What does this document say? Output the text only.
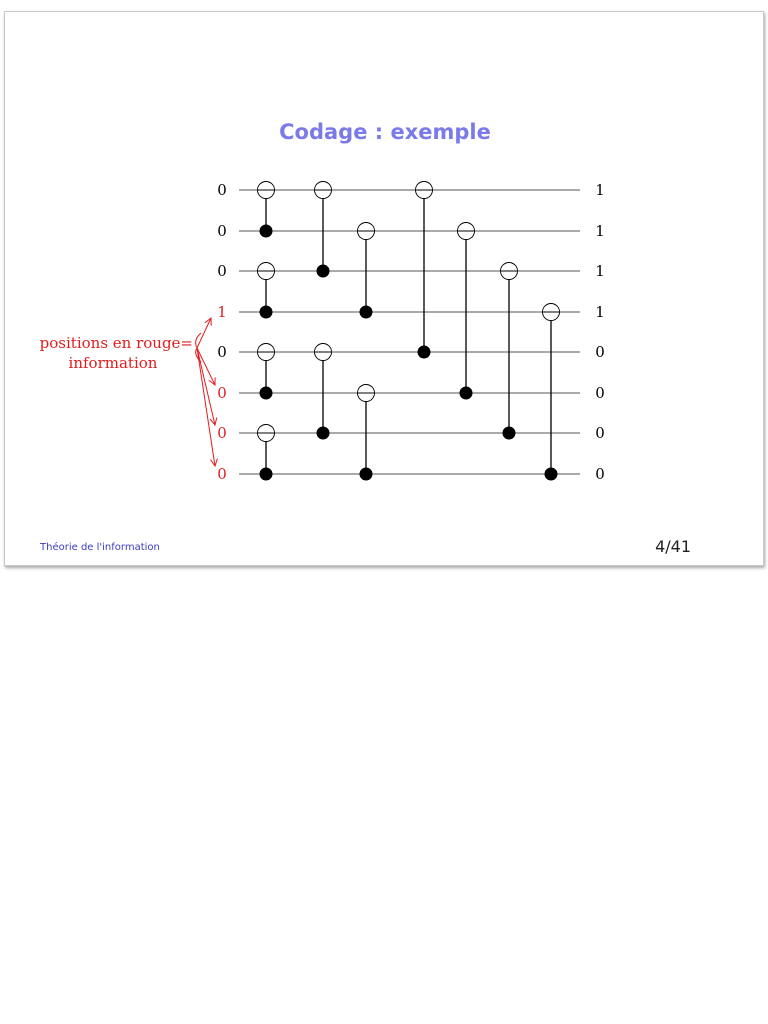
Codage : exemple
0
0
0
1
0
0
0
0
1
1
1
1
0
0
0
0
positions en rouge=
information
Théorie de l'information	4/41
